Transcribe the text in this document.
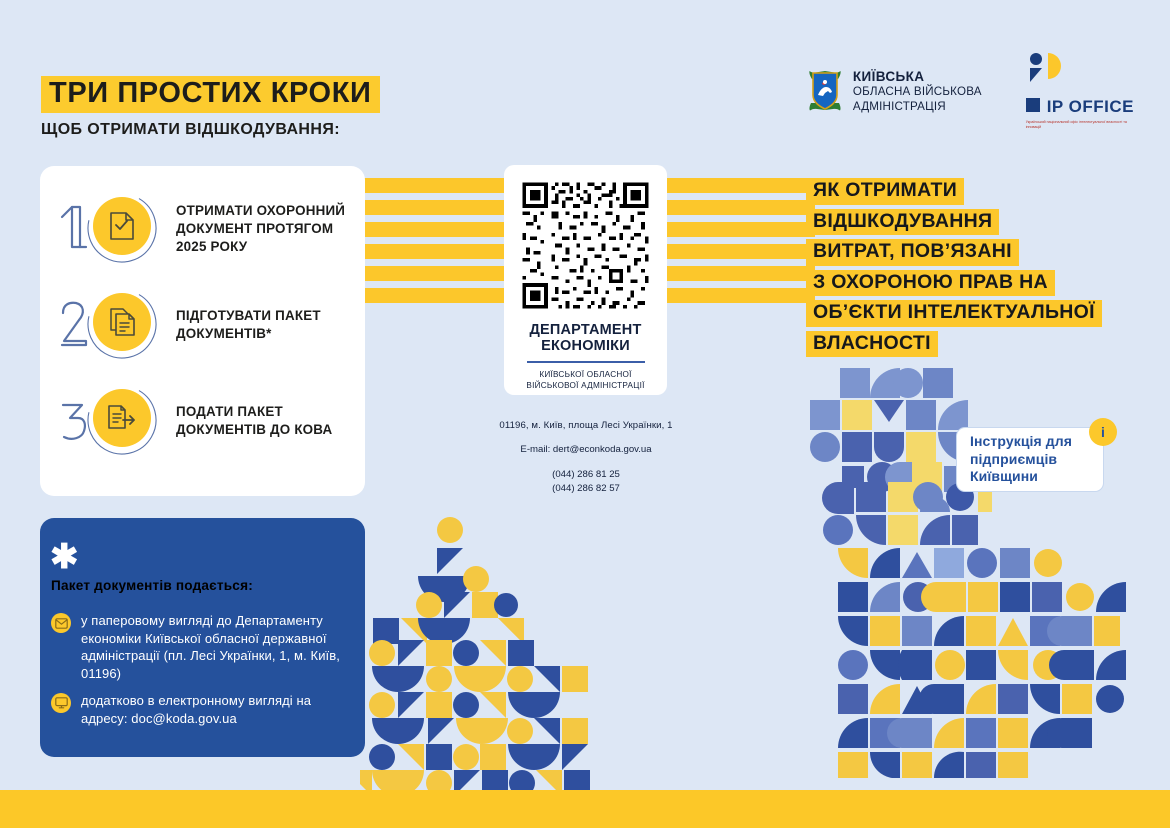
ТРИ ПРОСТИХ КРОКИ
ЩОБ ОТРИМАТИ ВІДШКОДУВАННЯ:
КИЇВСЬКА
ОБЛАСНА ВІЙСЬКОВА
АДМІНІСТРАЦІЯ	IP OFFICE
Український національний офіс інтелектуальної власності та інновацій
ОТРИМАТИ ОХОРОННИЙ ДОКУМЕНТ ПРОТЯГОМ 2025 РОКУ
ПІДГОТУВАТИ ПАКЕТ ДОКУМЕНТІВ*
ПОДАТИ ПАКЕТ ДОКУМЕНТІВ ДО КОВА
ДЕПАРТАМЕНТ
ЕКОНОМІКИ
КИЇВСЬКОЇ ОБЛАСНОЇ
ВІЙСЬКОВОЇ АДМІНІСТРАЦІЇ
01196, м. Київ, площа Лесі Українки, 1
E-mail: dert@econkoda.gov.ua
(044) 286 81 25
(044) 286 82 57
ЯК ОТРИМАТИ
ВІДШКОДУВАННЯ
ВИТРАТ, ПОВ’ЯЗАНІ
З ОХОРОНОЮ ПРАВ НА
ОБ’ЄКТИ ІНТЕЛЕКТУАЛЬНОЇ
ВЛАСНОСТІ
Інструкція для підприємців Київщини
i
✱
Пакет документів подається:
у паперовому вигляді до Департаменту економіки Київської обласної державної адміністрації (пл. Лесі Українки, 1, м. Київ, 01196)
додатково в електронному вигляді на адресу: doc@koda.gov.ua
